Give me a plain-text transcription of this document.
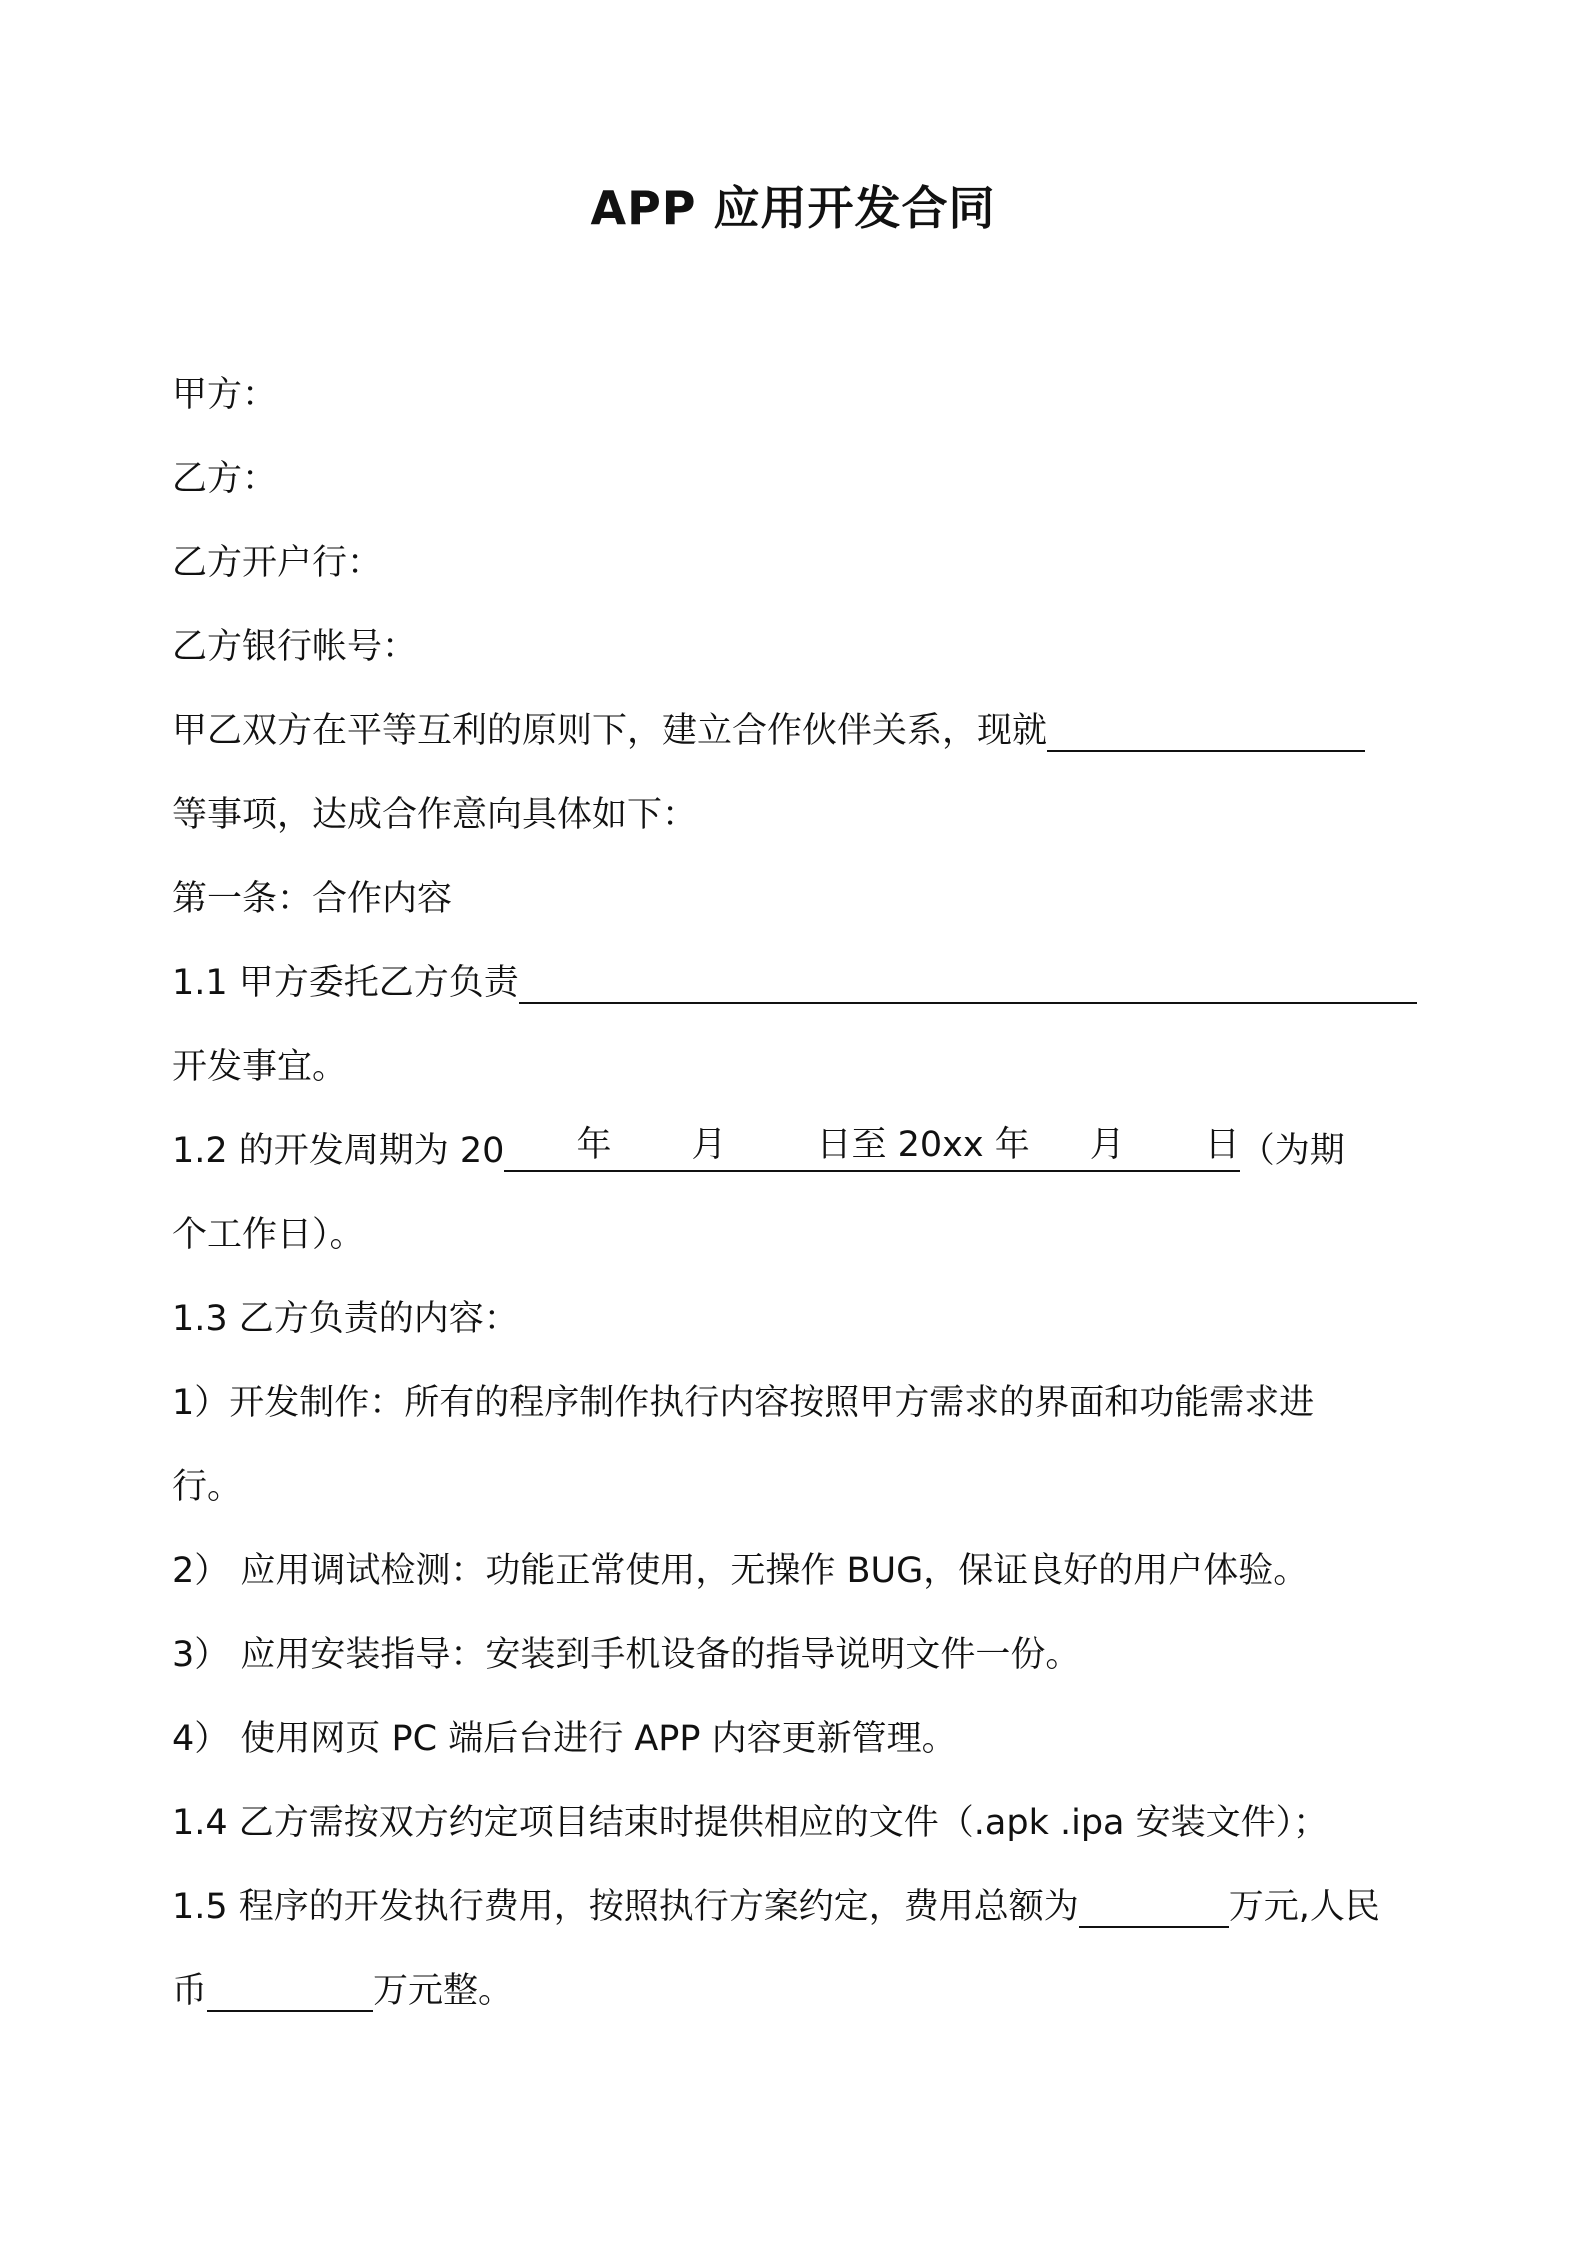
APP 应用开发合同
甲方：
乙方：
乙方开户行：
乙方银行帐号：
甲乙双方在平等互利的原则下，建立合作伙伴关系，现就
等事项，达成合作意向具体如下：
第一条：合作内容
1.1 甲方委托乙方负责
开发事宜。
1.2 的开发周期为 20 年 月	日至 20xx 年 月 日 （为期
个工作日）。
1.3 乙方负责的内容：
1）开发制作：所有的程序制作执行内容按照甲方需求的界面和功能需求进
行。
2） 应用调试检测：功能正常使用，无操作 BUG，保证良好的用户体验。
3） 应用安装指导：安装到手机设备的指导说明文件一份。
4） 使用网页 PC 端后台进行 APP 内容更新管理。
1.4 乙方需按双方约定项目结束时提供相应的文件（.apk .ipa 安装文件）；
1.5 程序的开发执行费用，按照执行方案约定，费用总额为	万元,人民
币	万元整。
